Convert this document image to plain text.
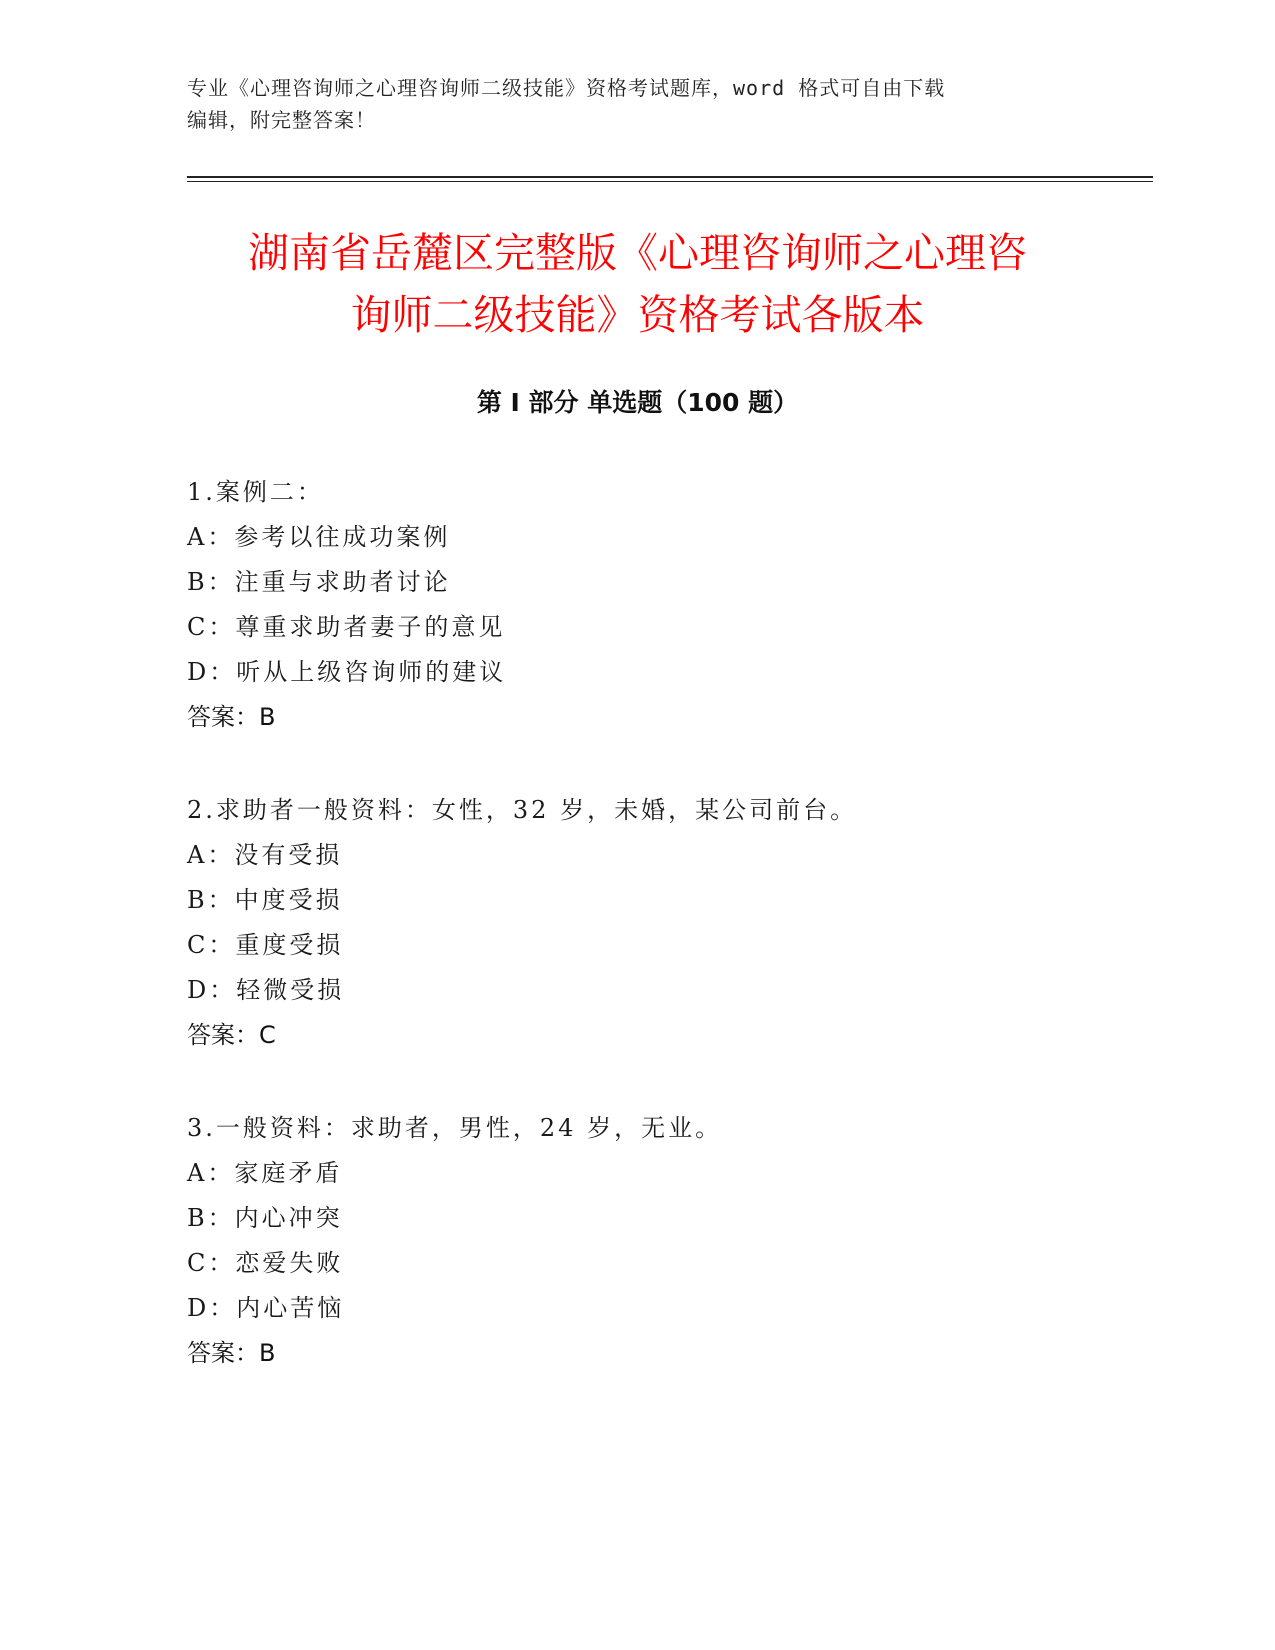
专业《心理咨询师之心理咨询师二级技能》资格考试题库，word 格式可自由下载
编辑，附完整答案！
湖南省岳麓区完整版《心理咨询师之心理咨
询师二级技能》资格考试各版本
第 I 部分 单选题（100 题）
1.案例二：
A：参考以往成功案例
B：注重与求助者讨论
C：尊重求助者妻子的意见
D：听从上级咨询师的建议
答案：B
2.求助者一般资料：女性，32 岁，未婚，某公司前台。
A：没有受损
B：中度受损
C：重度受损
D：轻微受损
答案：C
3.一般资料：求助者，男性，24 岁，无业。
A：家庭矛盾
B：内心冲突
C：恋爱失败
D：内心苦恼
答案：B
